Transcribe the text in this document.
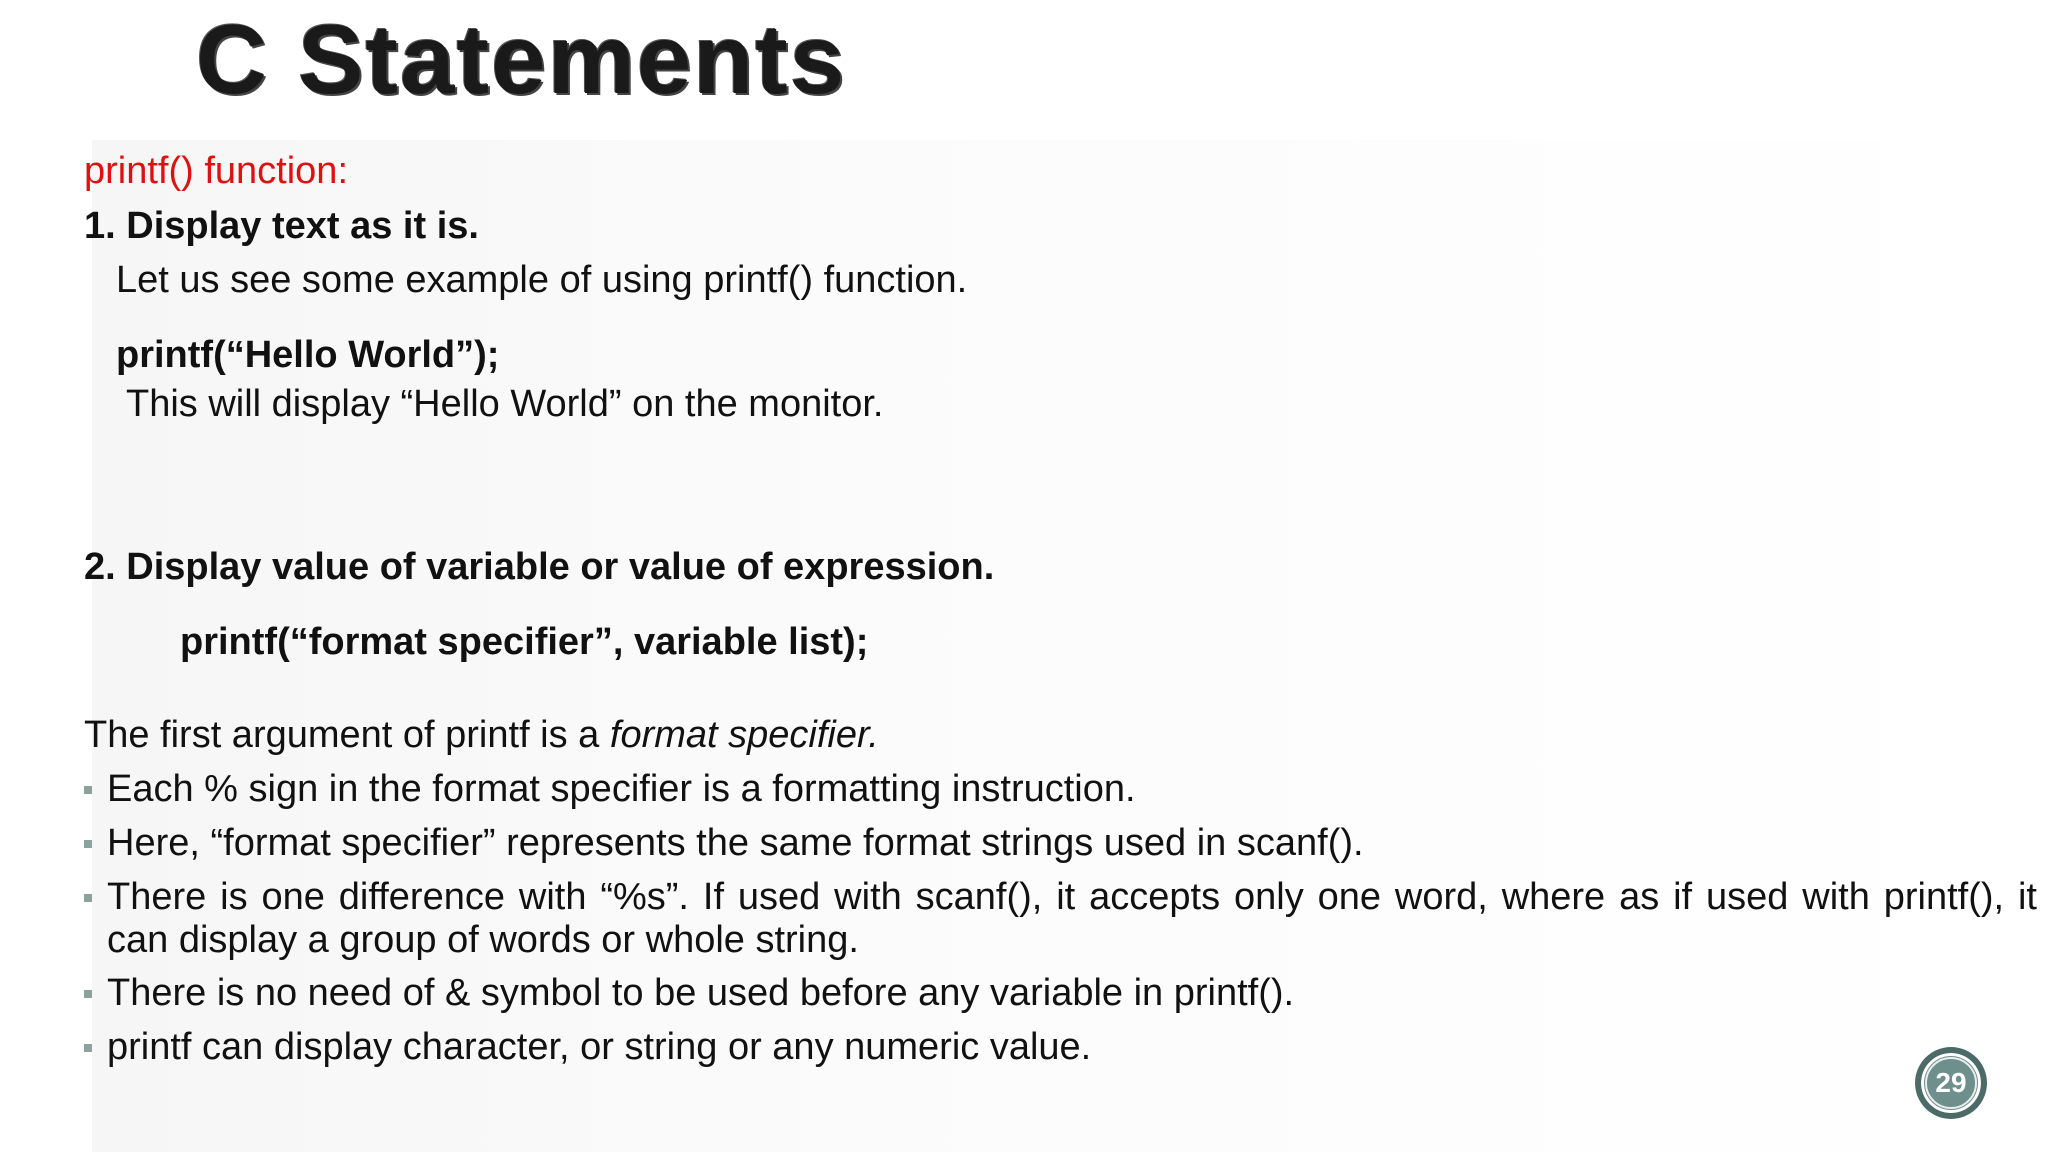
C Statements
printf() function:
1. Display text as it is.
Let us see some example of using printf() function.
printf(“Hello World”);
This will display “Hello World” on the monitor.
2. Display value of variable or value of expression.
printf(“format specifier”, variable list);
The first argument of printf is a format specifier.
Each % sign in the format specifier is a formatting instruction.
Here, “format specifier” represents the same format strings used in scanf().
There is one difference with “%s”. If used with scanf(), it accepts only one word, where as if used with printf(), it can display a group of words or whole string.
There is no need of & symbol to be used before any variable in printf().
printf can display character, or string or any numeric value.
29
